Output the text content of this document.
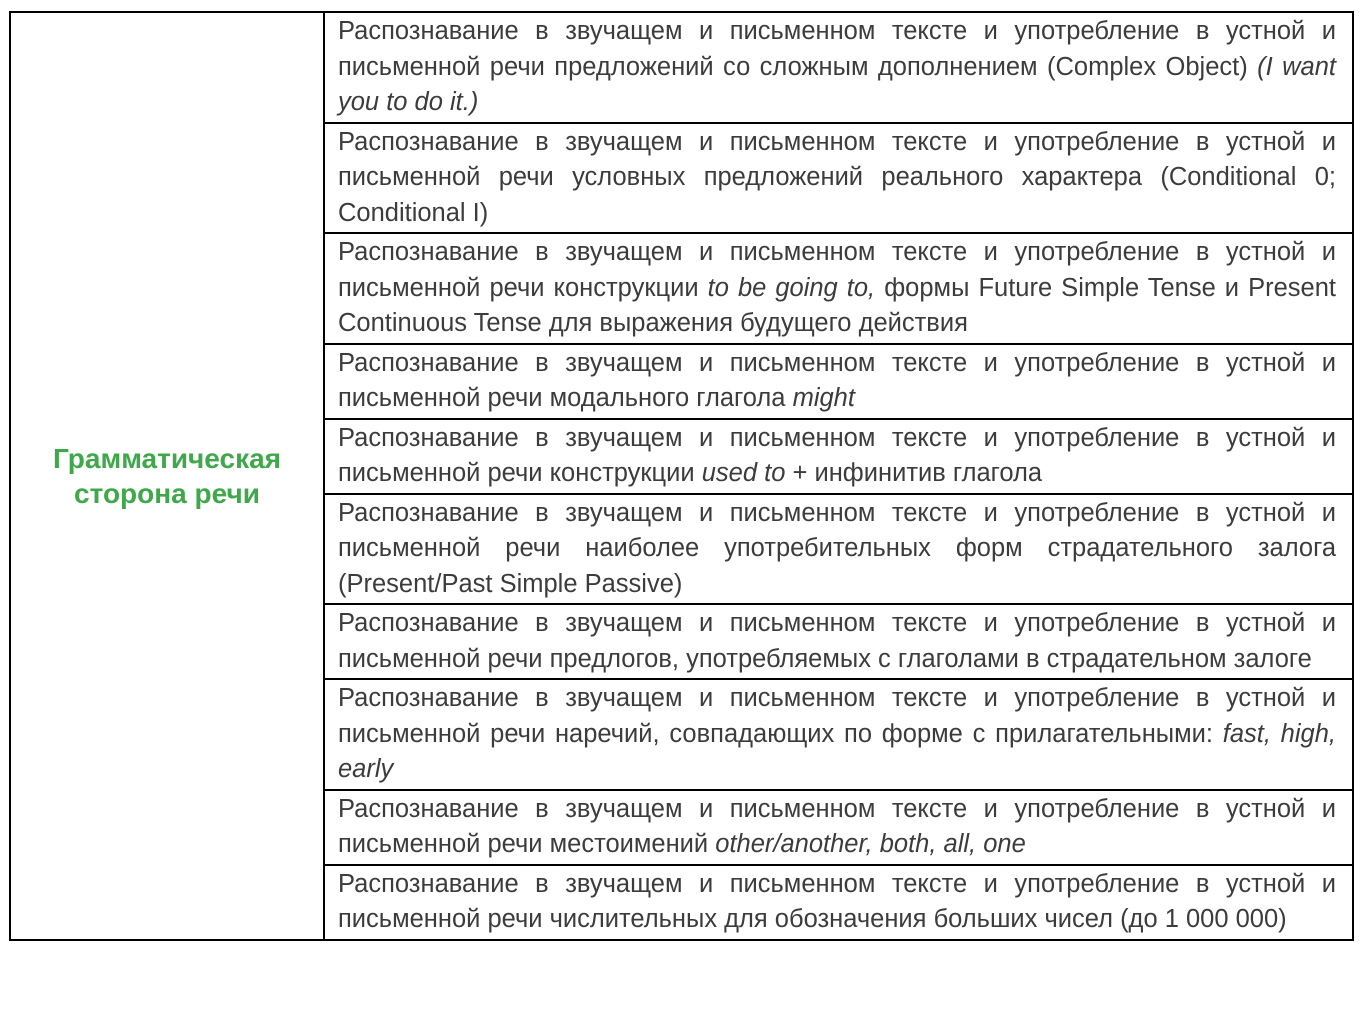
Грамматическая
сторона речи
	Распознавание в звучащем и письменном тексте и употребление в устной и письменной речи предложений со сложным дополнением (Complex Object) (I want you to do it.)
Распознавание в звучащем и письменном тексте и употребление в устной и письменной речи условных предложений реального характера (Conditional 0; Conditional I)
Распознавание в звучащем и письменном тексте и употребление в устной и письменной речи конструкции to be going to, формы Future Simple Tense и Present Continuous Tense для выражения будущего действия
Распознавание в звучащем и письменном тексте и употребление в устной и письменной речи модального глагола might
Распознавание в звучащем и письменном тексте и употребление в устной и письменной речи конструкции used to + инфинитив глагола
Распознавание в звучащем и письменном тексте и употребление в устной и письменной речи наиболее употребительных форм страдательного залога (Present/Past Simple Passive)
Распознавание в звучащем и письменном тексте и употребление в устной и письменной речи предлогов, употребляемых с глаголами в страдательном залоге
Распознавание в звучащем и письменном тексте и употребление в устной и письменной речи наречий, совпадающих по форме с прилагательными: fast, high, early
Распознавание в звучащем и письменном тексте и употребление в устной и письменной речи местоимений other/another, both, all, one
Распознавание в звучащем и письменном тексте и употребление в устной и письменной речи числительных для обозначения больших чисел (до 1 000 000)
